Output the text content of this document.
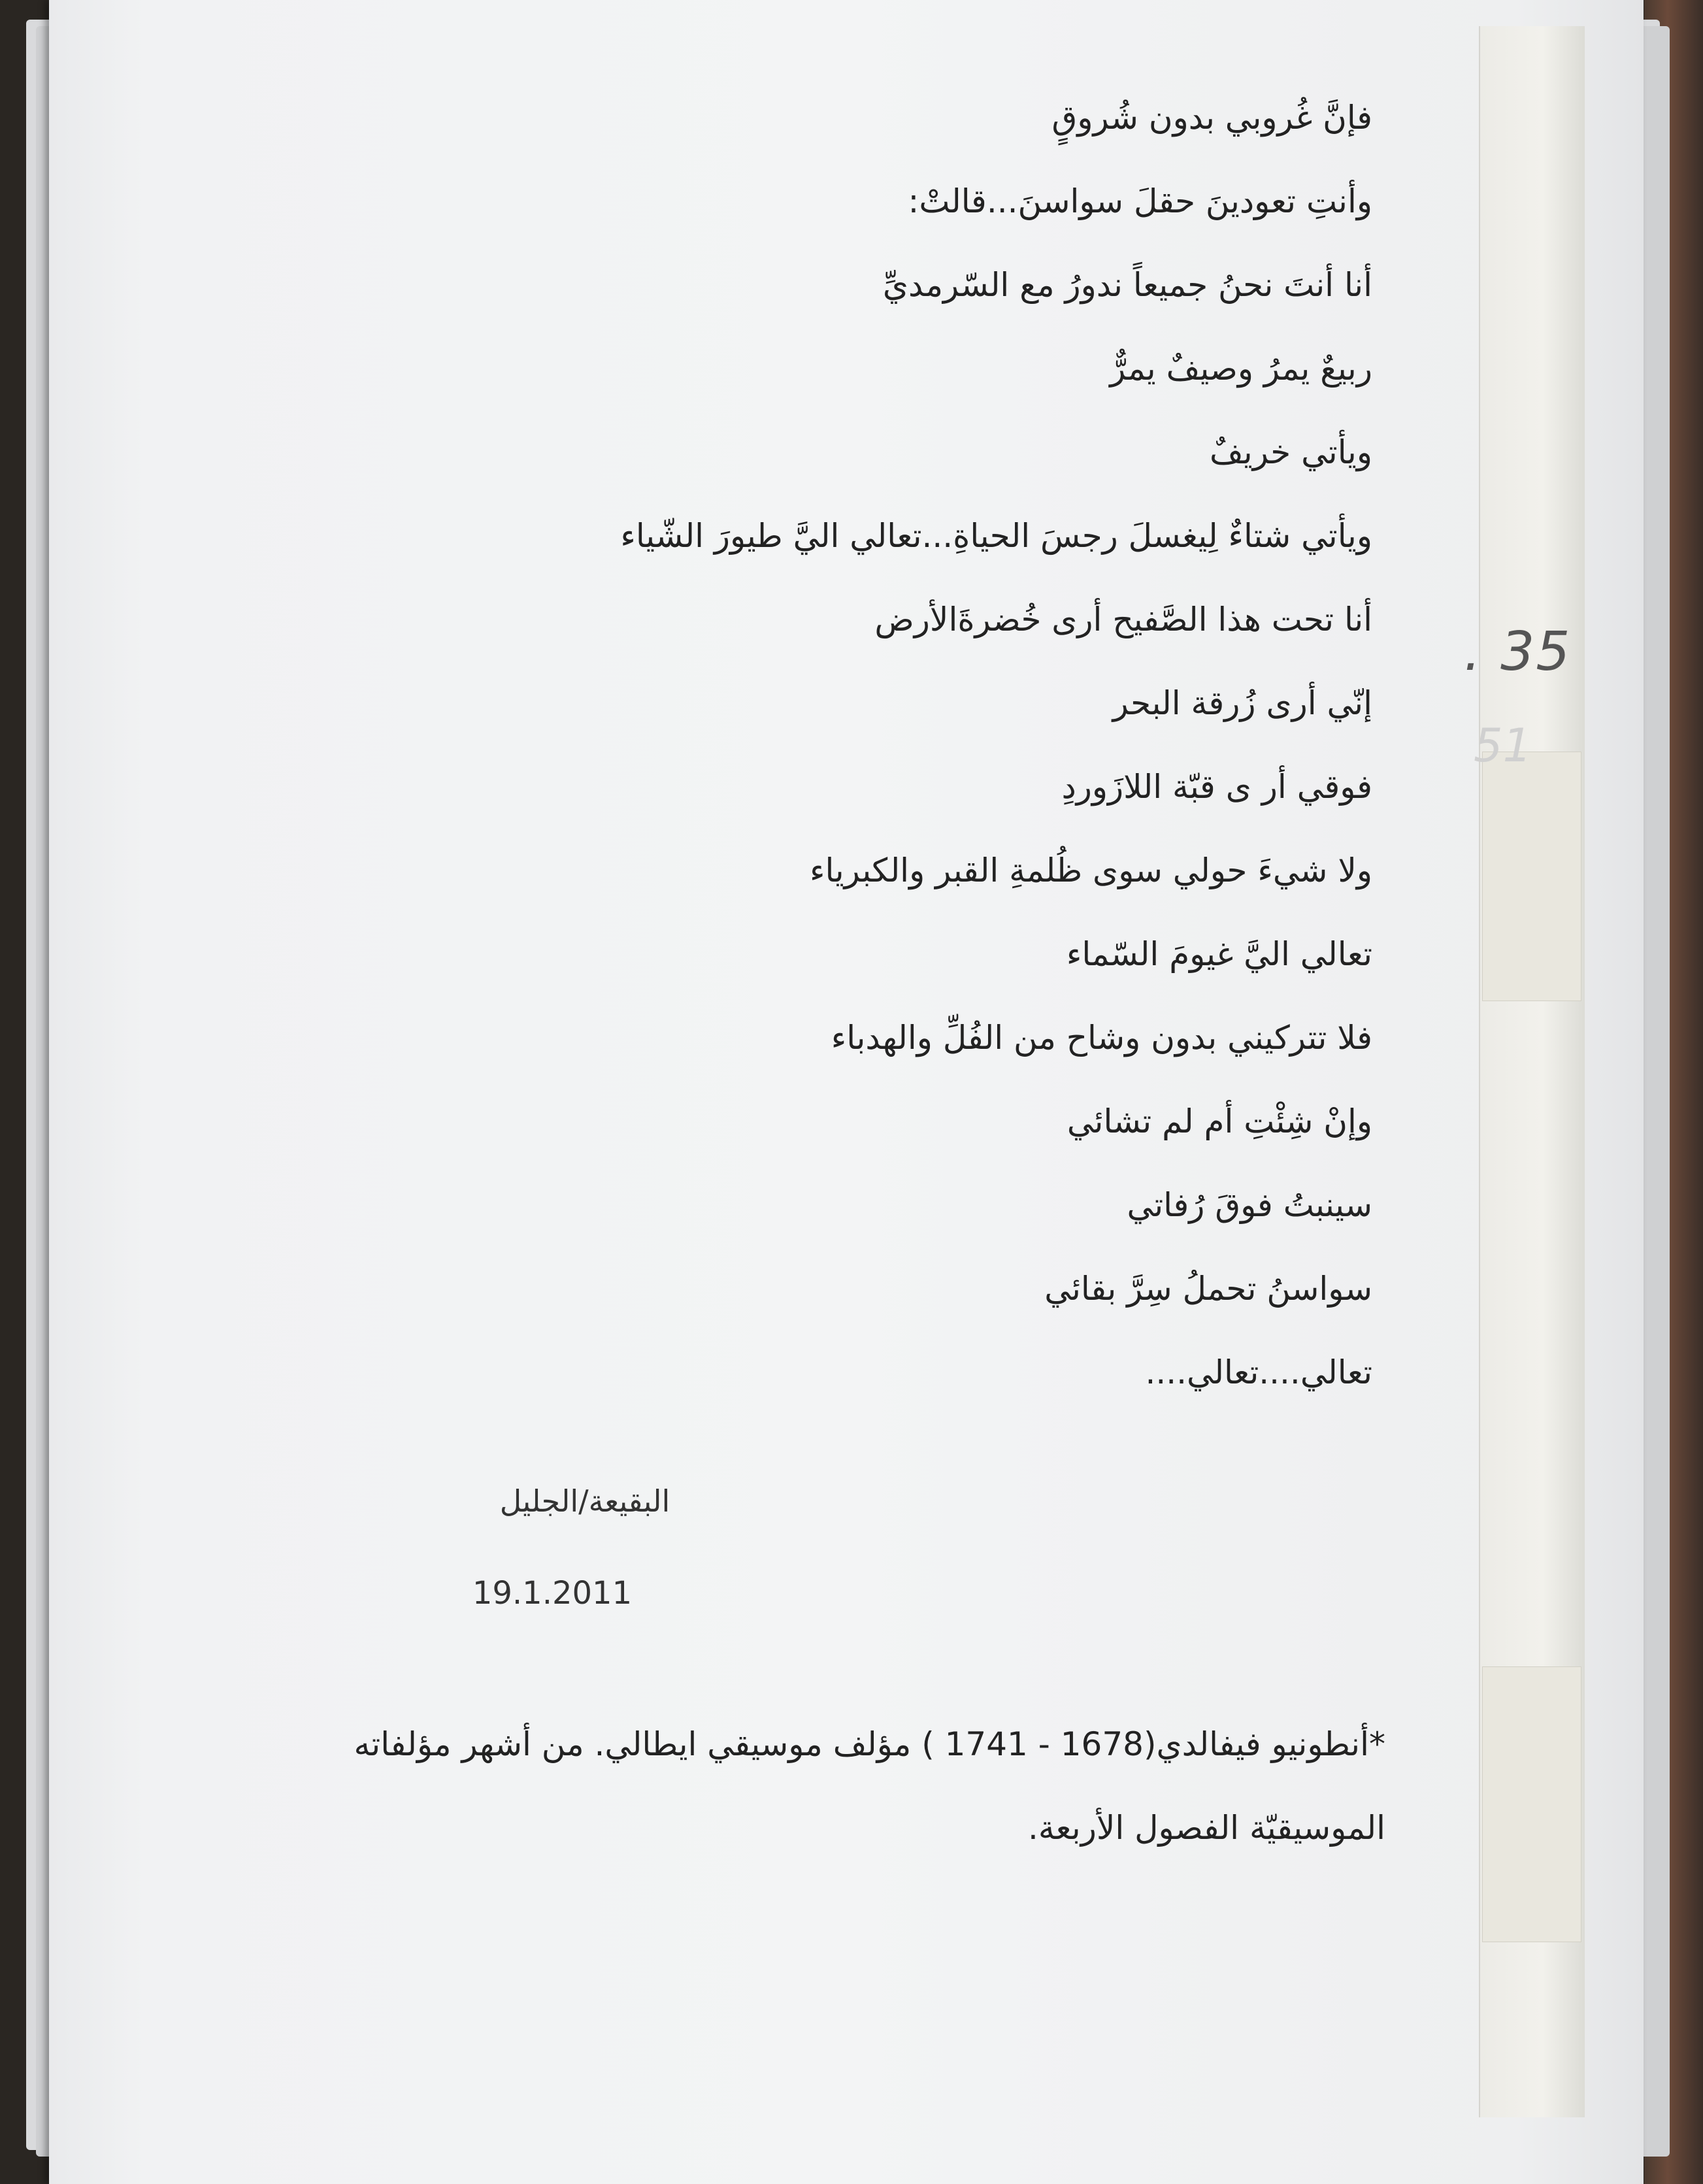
فإنَّ غُروبي بدون شُروقٍ
وأنتِ تعودينَ حقلَ سواسنَ...قالتْ:
أنا أنتَ نحنُ جميعاً ندورُ مع السّرمديِّ
ربيعٌ يمرُ وصيفٌ يمرٌّ
ويأتي خريفٌ
ويأتي شتاءٌ لِيغسلَ رجسَ الحياةِ...تعالي اليَّ طيورَ الشّياء
أنا تحت هذا الصَّفيح أرى خُضرةَالأرض
إنّي أرى زُرقة البحر
فوقي أر ى قبّة اللازَوردِ
ولا شيءَ حولي سوى ظُلمةِ القبر والكبرياء
تعالي اليَّ غيومَ السّماء
فلا تتركيني بدون وشاح من الفُلِّ والهدباء
وإنْ شِئْتِ أم لم تشائي
سينبتُ فوقَ رُفاتي
سواسنُ تحملُ سِرَّ بقائي
تعالي....تعالي....
البقيعة/الجليل
19.1.2011
*أنطونيو فيفالدي(1678 - 1741 ) مؤلف موسيقي ايطالي. من أشهر مؤلفاته
الموسيقيّة الفصول الأربعة.
. 35
51
